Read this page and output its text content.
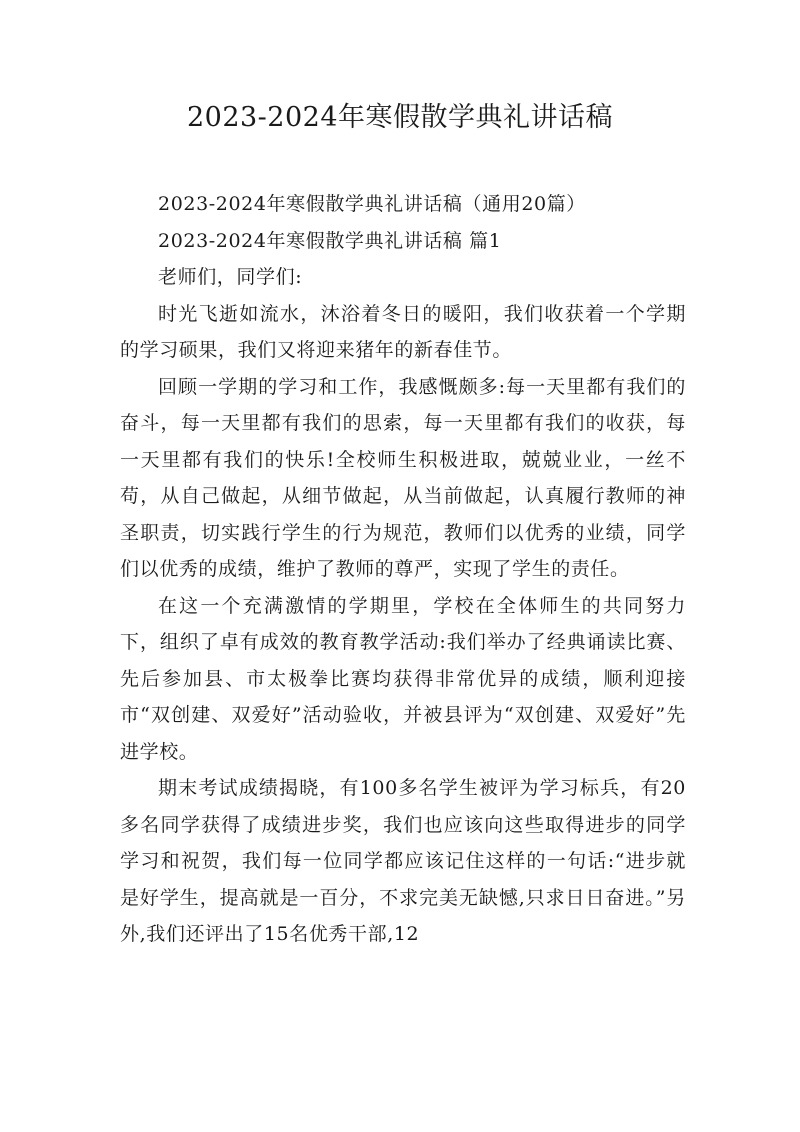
2023-2024年寒假散学典礼讲话稿

2023-2024年寒假散学典礼讲话稿（通用20篇）

2023-2024年寒假散学典礼讲话稿 篇1

老师们，同学们:

时光飞逝如流水，沐浴着冬日的暖阳，我们收获着一个学期的学习硕果，我们又将迎来猪年的新春佳节。

回顾一学期的学习和工作，我感慨颇多:每一天里都有我们的奋斗，每一天里都有我们的思索，每一天里都有我们的收获，每一天里都有我们的快乐!全校师生积极进取，兢兢业业，一丝不苟，从自己做起，从细节做起，从当前做起，认真履行教师的神圣职责，切实践行学生的行为规范，教师们以优秀的业绩，同学们以优秀的成绩，维护了教师的尊严，实现了学生的责任。

在这一个充满激情的学期里，学校在全体师生的共同努力下，组织了卓有成效的教育教学活动:我们举办了经典诵读比赛、先后参加县、市太极拳比赛均获得非常优异的成绩，顺利迎接市“双创建、双爱好”活动验收，并被县评为“双创建、双爱好”先进学校。

期末考试成绩揭晓，有100多名学生被评为学习标兵，有20多名同学获得了成绩进步奖，我们也应该向这些取得进步的同学学习和祝贺，我们每一位同学都应该记住这样的一句话:“进步就是好学生，提高就是一百分，不求完美无缺憾,只求日日奋进。”另外,我们还评出了15名优秀干部,12
